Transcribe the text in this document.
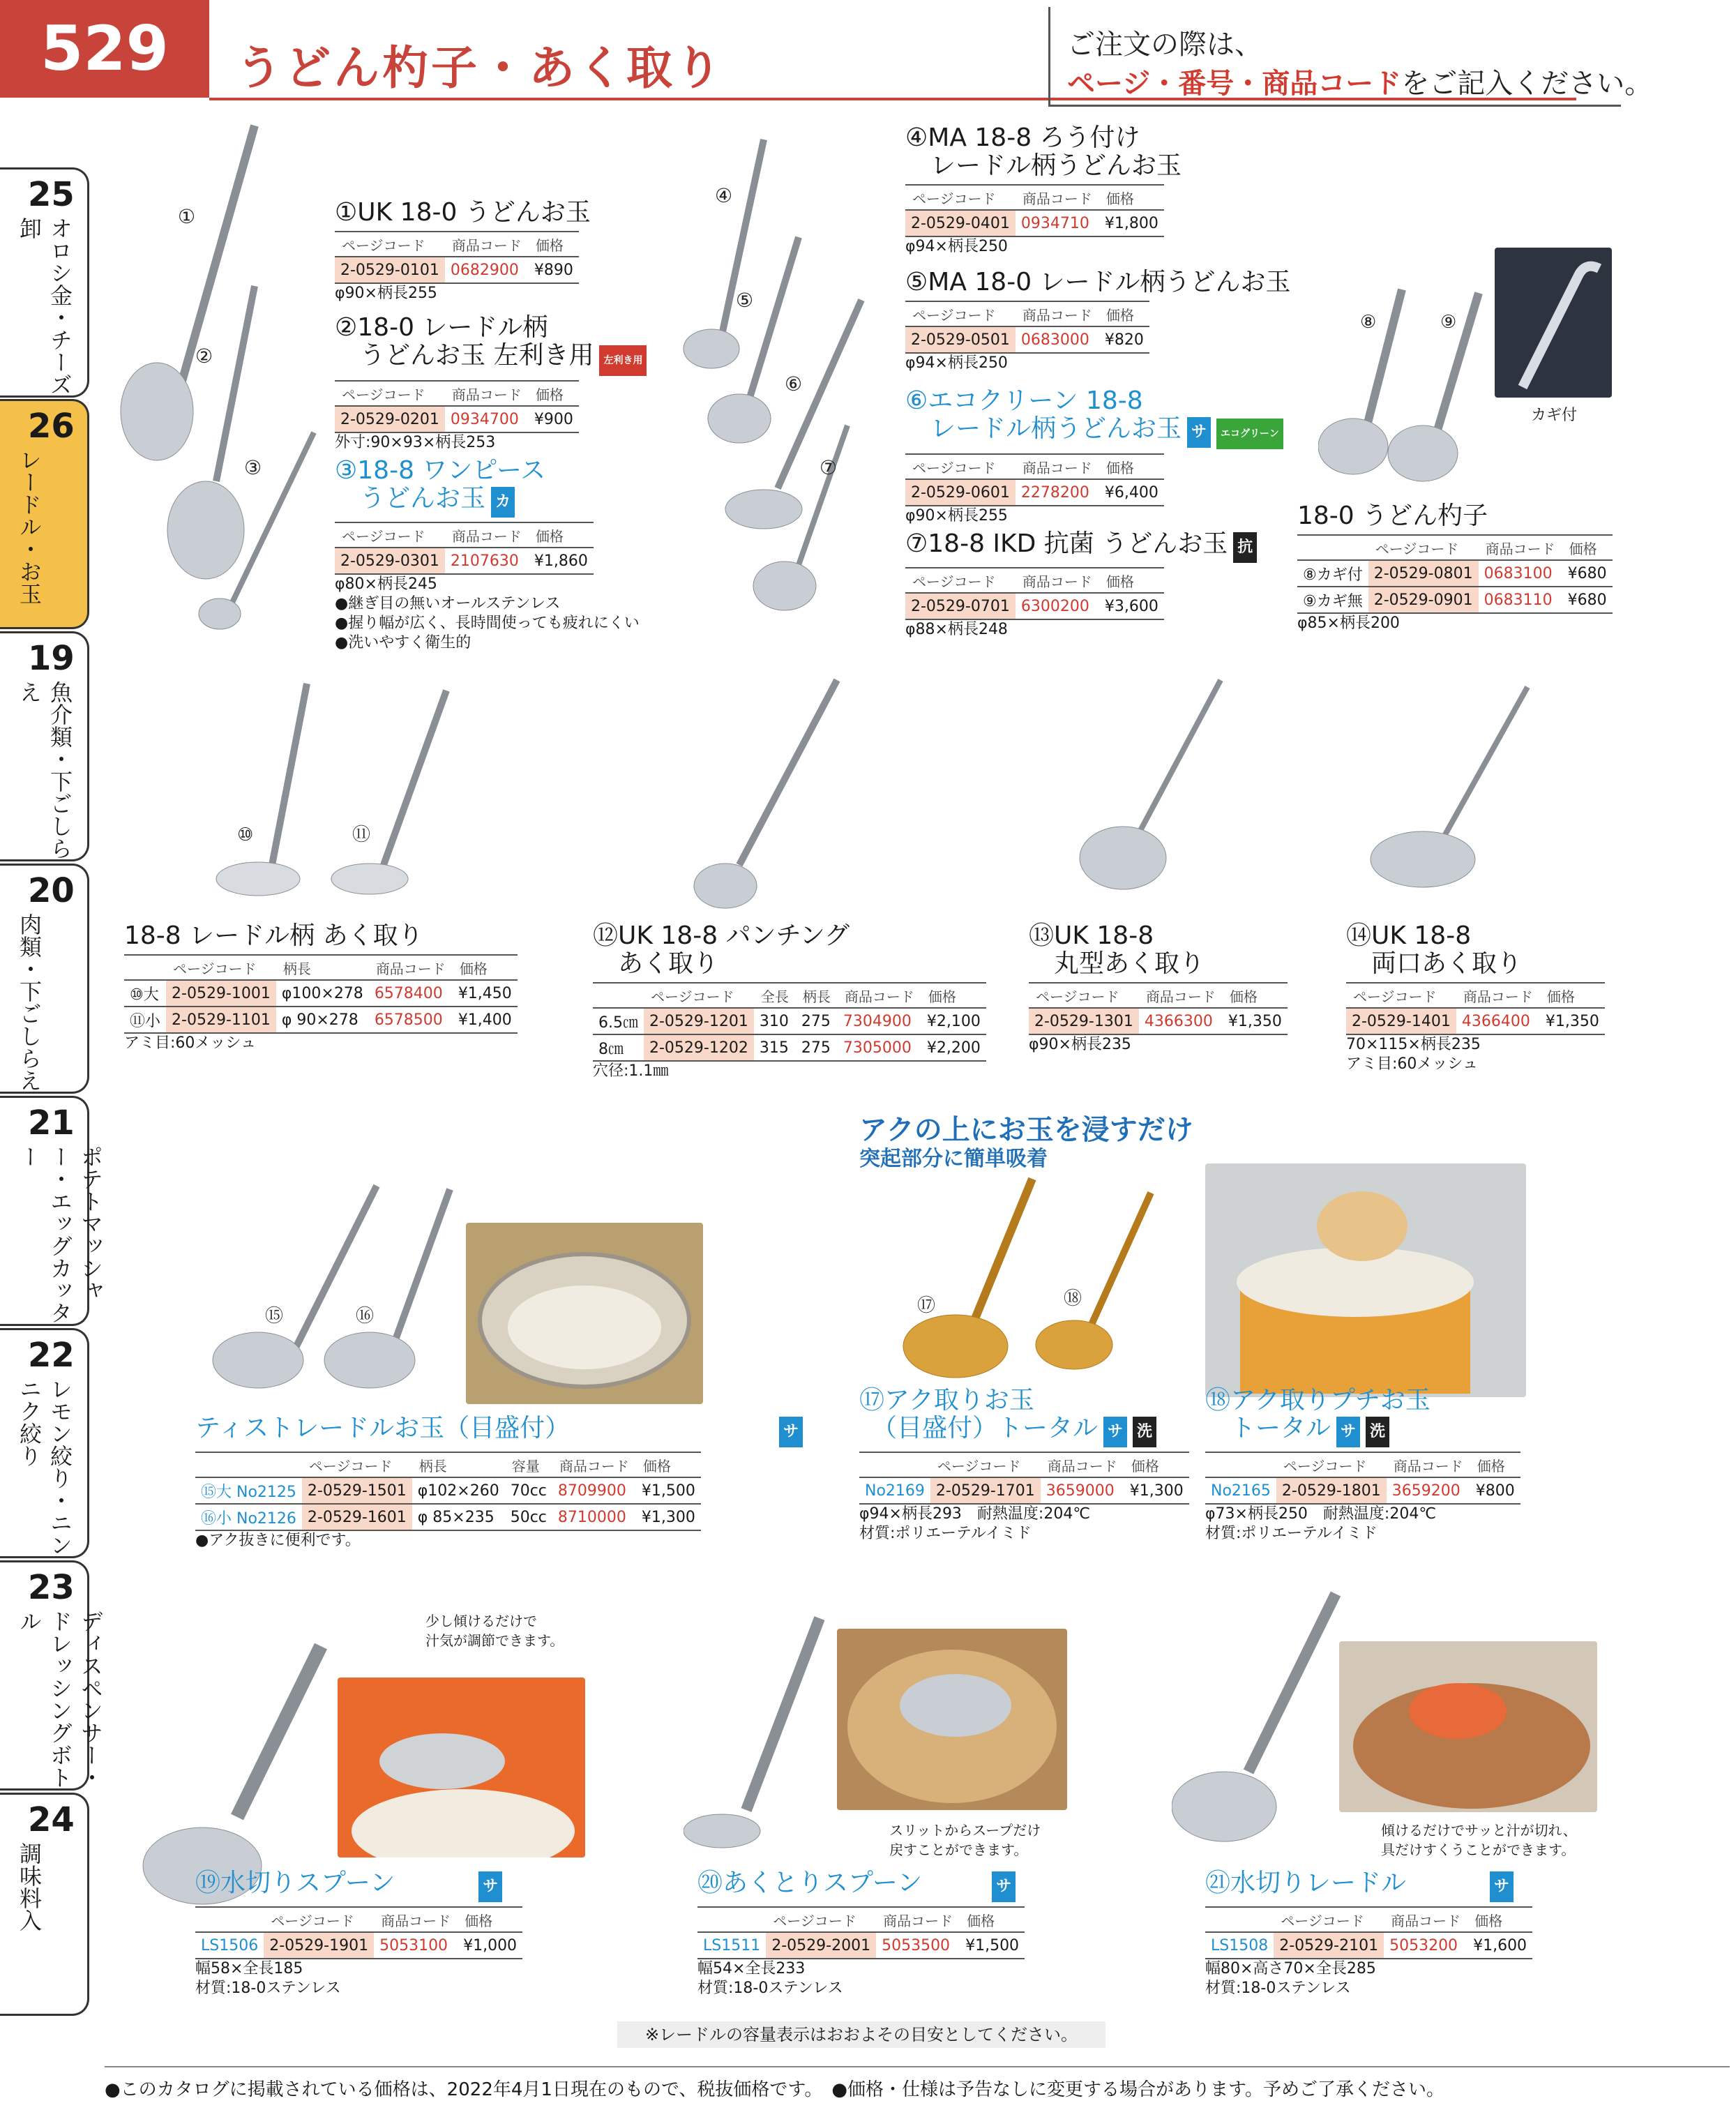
529	うどん杓子・あく取り	ご注文の際は、
ページ・番号・商品コードをご記入ください。
25
オロシ金・チーズ卸
26
レードル・お玉
19
魚介類・下ごしらえ
20
肉類・下ごしらえ
21
ポテトマッシャー・エッグカッター
22
レモン絞り・ニンニク絞り
23
ディスペンサー・ドレッシングボトル
24
調味料入
①
②
③
④
⑤
⑥
⑦
⑧	⑨
カギ付
⑩	⑪
⑮	⑯
アクの上にお玉を浸すだけ
突起部分に簡単吸着
⑰	⑱
少し傾けるだけで
汁気が調節できます。
スリットからスープだけ
戻すことができます。
傾けるだけでサッと汁が切れ、
具だけすくうことができます。
①UK 18-0 うどんお玉
ページコード	商品コード	価格
2-0529-0101	0682900	¥890
φ90×柄長255
②18-0 レードル柄
　うどんお玉 左利き用 左利き用
ページコード	商品コード	価格
2-0529-0201	0934700	¥900
外寸:90×93×柄長253
③18-8 ワンピース
　うどんお玉 カ
ページコード	商品コード	価格
2-0529-0301	2107630	¥1,860
φ80×柄長245
●継ぎ目の無いオールステンレス
●握り幅が広く、長時間使っても疲れにくい
●洗いやすく衛生的
④MA 18-8 ろう付け
　レードル柄うどんお玉
ページコード	商品コード	価格
2-0529-0401	0934710	¥1,800
φ94×柄長250
⑤MA 18-0 レードル柄うどんお玉
ページコード	商品コード	価格
2-0529-0501	0683000	¥820
φ94×柄長250
⑥エコクリーン 18-8
　レードル柄うどんお玉 サ エコグリーン
ページコード	商品コード	価格
2-0529-0601	2278200	¥6,400
φ90×柄長255
⑦18-8 IKD 抗菌 うどんお玉 抗
ページコード	商品コード	価格
2-0529-0701	6300200	¥3,600
φ88×柄長248
18-0 うどん杓子
	ページコード	商品コード	価格
⑧カギ付	2-0529-0801	0683100	¥680
⑨カギ無	2-0529-0901	0683110	¥680
φ85×柄長200
18-8 レードル柄 あく取り
	ページコード	柄長	商品コード	価格
⑩大	2-0529-1001	φ100×278	6578400	¥1,450
⑪小	2-0529-1101	φ 90×278	6578500	¥1,400
アミ目:60メッシュ
⑫UK 18-8 パンチング
　あく取り
	ページコード	全長	柄長	商品コード	価格
6.5㎝	2-0529-1201	310	275	7304900	¥2,100
8㎝	2-0529-1202	315	275	7305000	¥2,200
穴径:1.1㎜
⑬UK 18-8
　丸型あく取り
ページコード	商品コード	価格
2-0529-1301	4366300	¥1,350
φ90×柄長235
⑭UK 18-8
　両口あく取り
ページコード	商品コード	価格
2-0529-1401	4366400	¥1,350
70×115×柄長235
アミ目:60メッシュ
ティストレードルお玉（目盛付）	サ
	ページコード	柄長	容量	商品コード	価格
⑮大 No2125	2-0529-1501	φ102×260	70cc	8709900	¥1,500
⑯小 No2126	2-0529-1601	φ 85×235	50cc	8710000	¥1,300
●アク抜きに便利です。
⑰アク取りお玉
　（目盛付）トータル サ 洗
	ページコード	商品コード	価格
No2169	2-0529-1701	3659000	¥1,300
φ94×柄長293　耐熱温度:204℃
材質:ポリエーテルイミド
⑱アク取りプチお玉
　トータル サ 洗
	ページコード	商品コード	価格
No2165	2-0529-1801	3659200	¥800
φ73×柄長250　耐熱温度:204℃
材質:ポリエーテルイミド
⑲水切りスプーン	サ
	ページコード	商品コード	価格
LS1506	2-0529-1901	5053100	¥1,000
幅58×全長185
材質:18-0ステンレス
⑳あくとりスプーン	サ
	ページコード	商品コード	価格
LS1511	2-0529-2001	5053500	¥1,500
幅54×全長233
材質:18-0ステンレス
㉑水切りレードル	サ
	ページコード	商品コード	価格
LS1508	2-0529-2101	5053200	¥1,600
幅80×高さ70×全長285
材質:18-0ステンレス
※レードルの容量表示はおおよその目安としてください。
●このカタログに掲載されている価格は、2022年4月1日現在のもので、税抜価格です。　●価格・仕様は予告なしに変更する場合があります。予めご了承ください。
